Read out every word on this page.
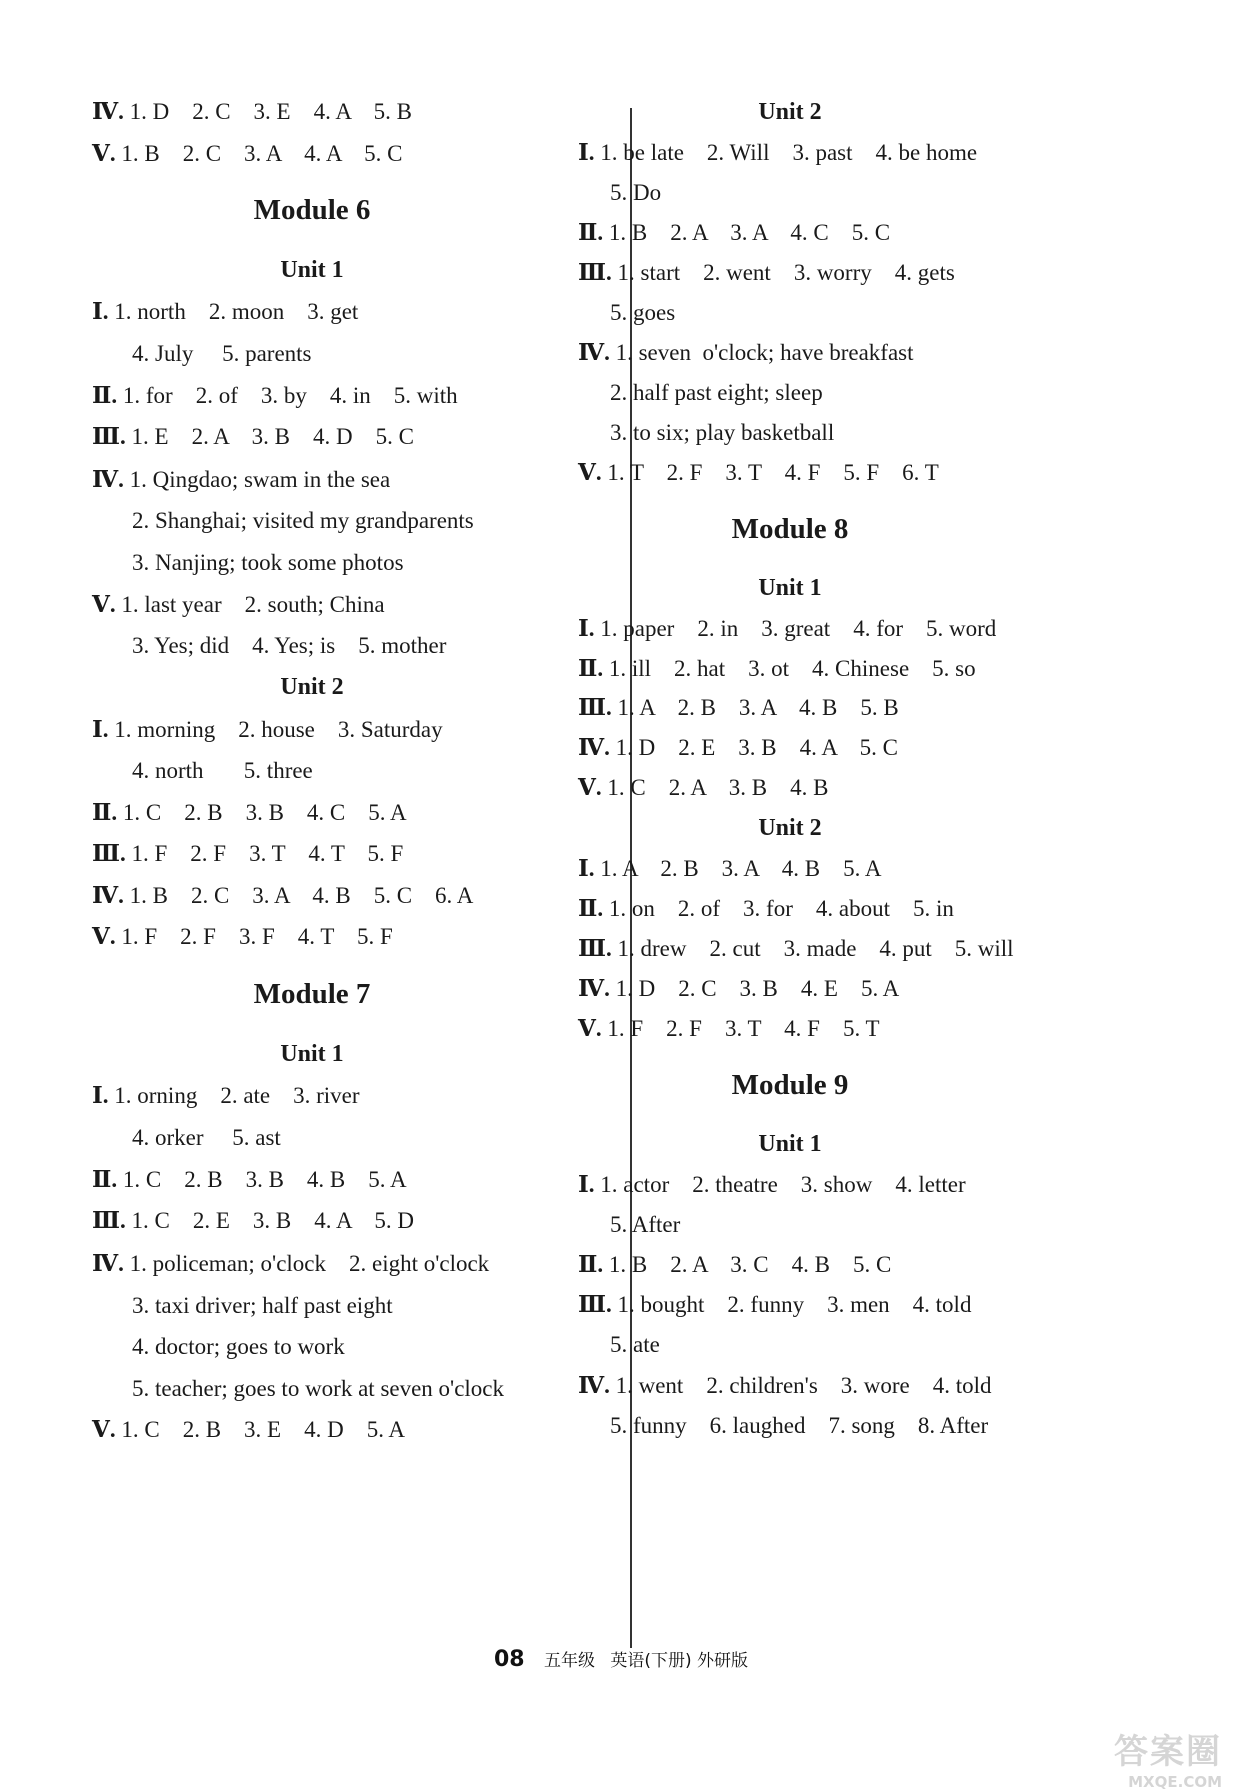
Ⅳ. 1. D    2. C    3. E    4. A    5. B
Ⅴ. 1. B    2. C    3. A    4. A    5. C
Module 6
Unit 1
Ⅰ. 1. north    2. moon    3. get
4. July     5. parents
Ⅱ. 1. for    2. of    3. by    4. in    5. with
Ⅲ. 1. E    2. A    3. B    4. D    5. C
Ⅳ. 1. Qingdao; swam in the sea
2. Shanghai; visited my grandparents
3. Nanjing; took some photos
Ⅴ. 1. last year    2. south; China
3. Yes; did    4. Yes; is    5. mother
Unit 2
Ⅰ. 1. morning    2. house    3. Saturday
4. north       5. three
Ⅱ. 1. C    2. B    3. B    4. C    5. A
Ⅲ. 1. F    2. F    3. T    4. T    5. F
Ⅳ. 1. B    2. C    3. A    4. B    5. C    6. A
Ⅴ. 1. F    2. F    3. F    4. T    5. F
Module 7
Unit 1
Ⅰ. 1. orning    2. ate    3. river
4. orker     5. ast
Ⅱ. 1. C    2. B    3. B    4. B    5. A
Ⅲ. 1. C    2. E    3. B    4. A    5. D
Ⅳ. 1. policeman; o'clock    2. eight o'clock
3. taxi driver; half past eight
4. doctor; goes to work
5. teacher; goes to work at seven o'clock
Ⅴ. 1. C    2. B    3. E    4. D    5. A
Unit 2
Ⅰ. 1. be late    2. Will    3. past    4. be home
5. Do
Ⅱ. 1. B    2. A    3. A    4. C    5. C
Ⅲ. 1. start    2. went    3. worry    4. gets
5. goes
Ⅳ. 1. seven  o'clock; have breakfast
2. half past eight; sleep
3. to six; play basketball
Ⅴ. 1. T    2. F    3. T    4. F    5. F    6. T
Module 8
Unit 1
Ⅰ. 1. paper    2. in    3. great    4. for    5. word
Ⅱ. 1. ill    2. hat    3. ot    4. Chinese    5. so
Ⅲ. 1. A    2. B    3. A    4. B    5. B
Ⅳ. 1. D    2. E    3. B    4. A    5. C
Ⅴ. 1. C    2. A    3. B    4. B
Unit 2
Ⅰ. 1. A    2. B    3. A    4. B    5. A
Ⅱ. 1. on    2. of    3. for    4. about    5. in
Ⅲ. 1. drew    2. cut    3. made    4. put    5. will
Ⅳ. 1. D    2. C    3. B    4. E    5. A
Ⅴ. 1. F    2. F    3. T    4. F    5. T
Module 9
Unit 1
Ⅰ. 1. actor    2. theatre    3. show    4. letter
5. After
Ⅱ. 1. B    2. A    3. C    4. B    5. C
Ⅲ. 1. bought    2. funny    3. men    4. told
5. ate
Ⅳ. 1. went    2. children's    3. wore    4. told
5. funny    6. laughed    7. song    8. After
08 五年级 英语(下册) 外研版
答案圈
MXQE.COM
